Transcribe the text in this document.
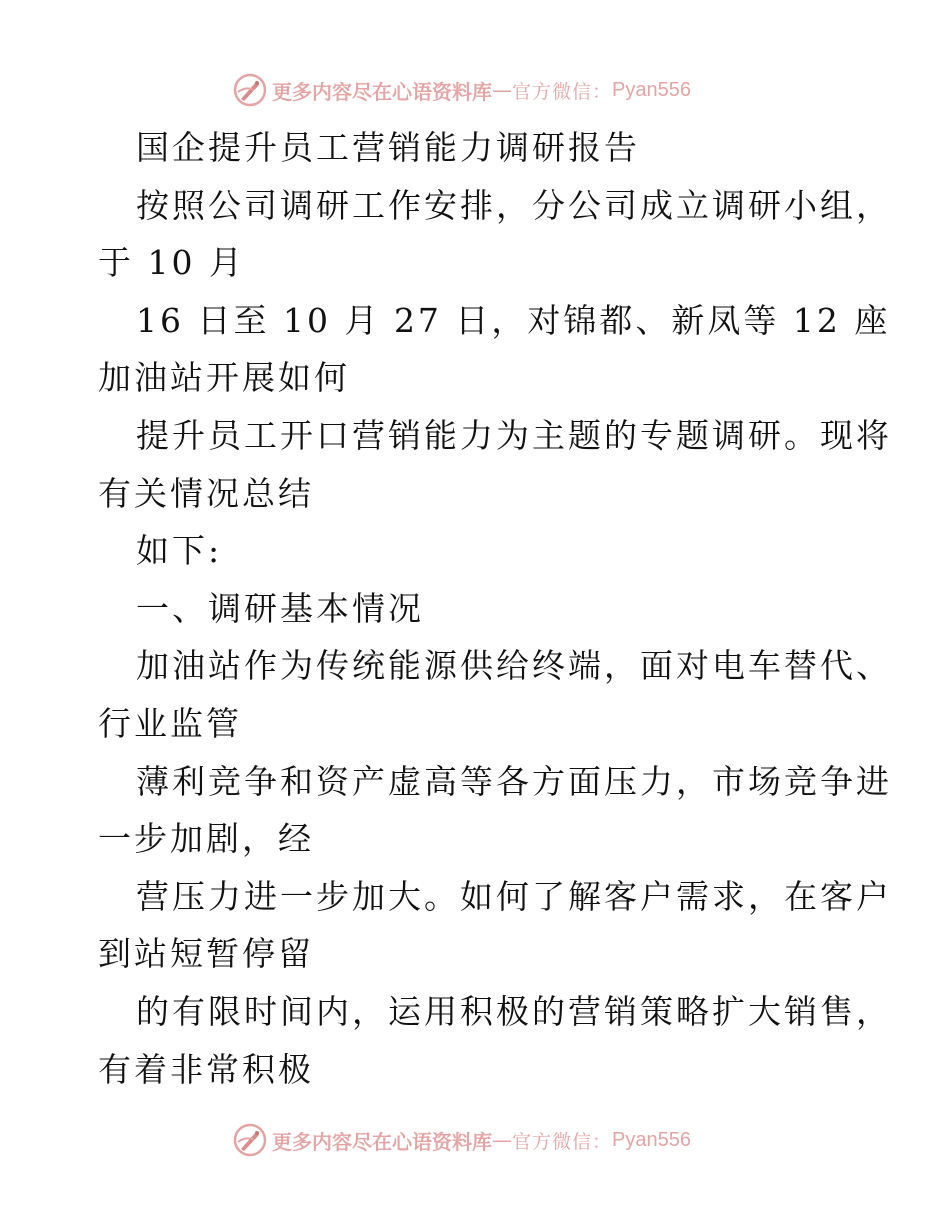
更多内容尽在心语资料库 — 官方微信： Pyan556
国企提升员工营销能力调研报告
按照公司调研工作安排，分公司成立调研小组，
于 10 月
16 日至 10 月 27 日，对锦都、新凤等 12 座
加油站开展如何
提升员工开口营销能力为主题的专题调研。现将
有关情况总结
如下:
一、调研基本情况
加油站作为传统能源供给终端，面对电车替代、
行业监管
薄利竞争和资产虚高等各方面压力，市场竞争进
一步加剧，经
营压力进一步加大。如何了解客户需求，在客户
到站短暂停留
的有限时间内，运用积极的营销策略扩大销售，
有着非常积极
更多内容尽在心语资料库 — 官方微信： Pyan556
